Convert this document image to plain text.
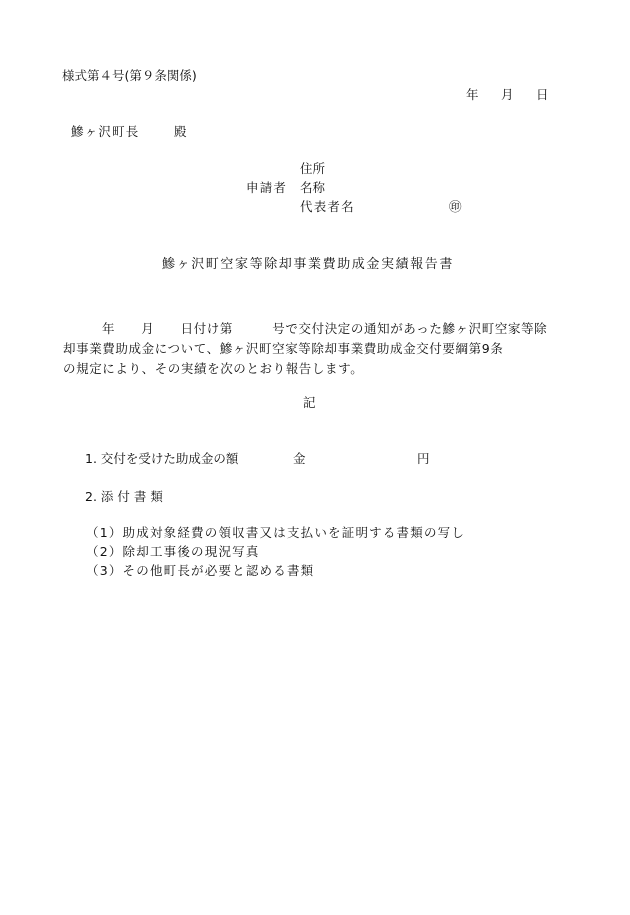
様式第４号(第９条関係)
年 月 日
鰺ヶ沢町長	殿
住所
申請者 名称
代表者名	㊞
鰺ヶ沢町空家等除却事業費助成金実績報告書
年　　月　　日付け第　　　号で交付決定の通知があった鰺ヶ沢町空家等除
却事業費助成金について、鰺ヶ沢町空家等除却事業費助成金交付要綱第9条
の規定により、その実績を次のとおり報告します。
記
1. 交付を受けた助成金の額	金	円
2. 添 付 書 類
（1）助成対象経費の領収書又は支払いを証明する書類の写し
（2）除却工事後の現況写真
（3）その他町長が必要と認める書類
